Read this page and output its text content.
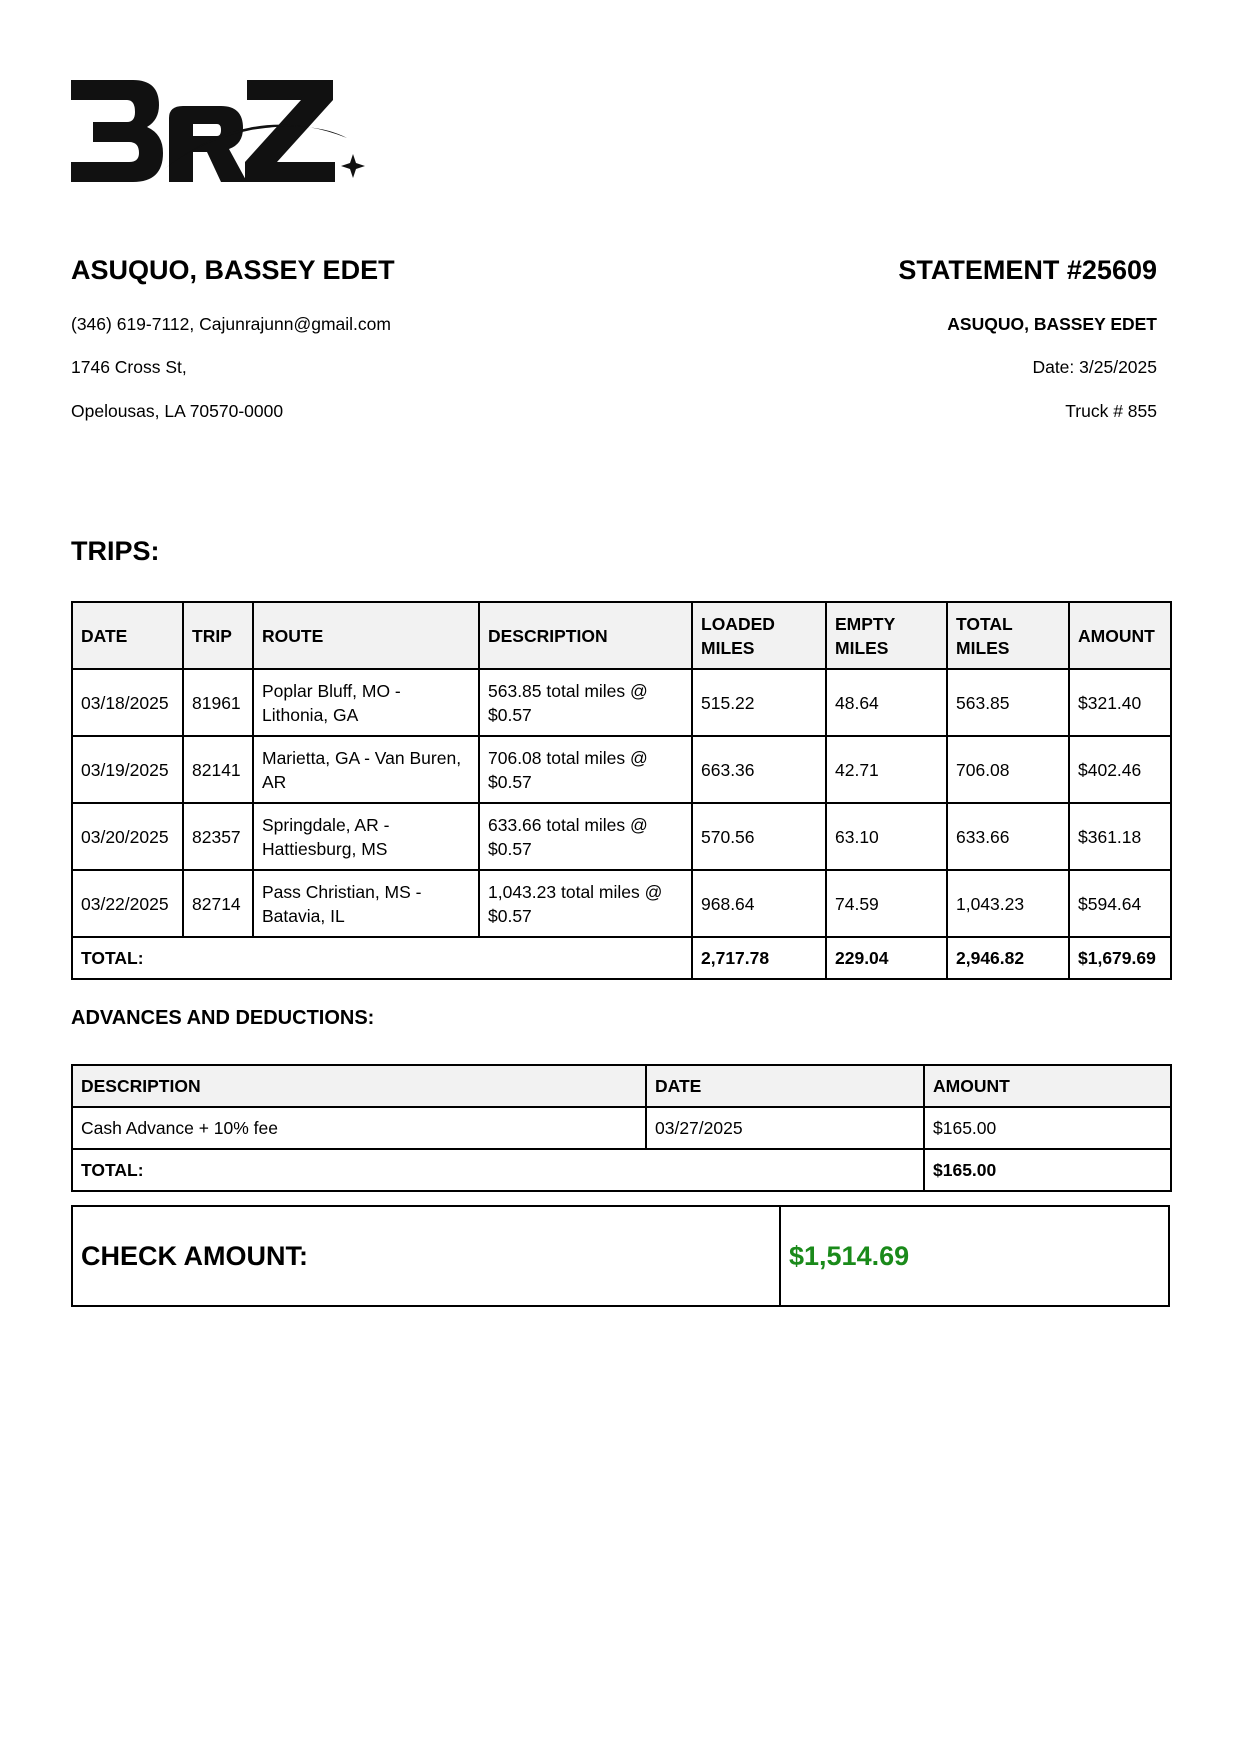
ASUQUO, BASSEY EDET
(346) 619-7112, Cajunrajunn@gmail.com
1746 Cross St,
Opelousas, LA 70570-0000
STATEMENT #25609
ASUQUO, BASSEY EDET
Date: 3/25/2025
Truck # 855
TRIPS:
DATE	TRIP	ROUTE	DESCRIPTION	LOADED MILES	EMPTY MILES	TOTAL MILES	AMOUNT
03/18/2025	81961	Poplar Bluff, MO - Lithonia, GA	563.85 total miles @ $0.57	515.22	48.64	563.85	$321.40
03/19/2025	82141	Marietta, GA - Van Buren, AR	706.08 total miles @ $0.57	663.36	42.71	706.08	$402.46
03/20/2025	82357	Springdale, AR - Hattiesburg, MS	633.66 total miles @ $0.57	570.56	63.10	633.66	$361.18
03/22/2025	82714	Pass Christian, MS - Batavia, IL	1,043.23 total miles @ $0.57	968.64	74.59	1,043.23	$594.64
TOTAL:				2,717.78	229.04	2,946.82	$1,679.69
ADVANCES AND DEDUCTIONS:
DESCRIPTION	DATE	AMOUNT
Cash Advance + 10% fee	03/27/2025	$165.00
TOTAL:		$165.00
CHECK AMOUNT:	$1,514.69
